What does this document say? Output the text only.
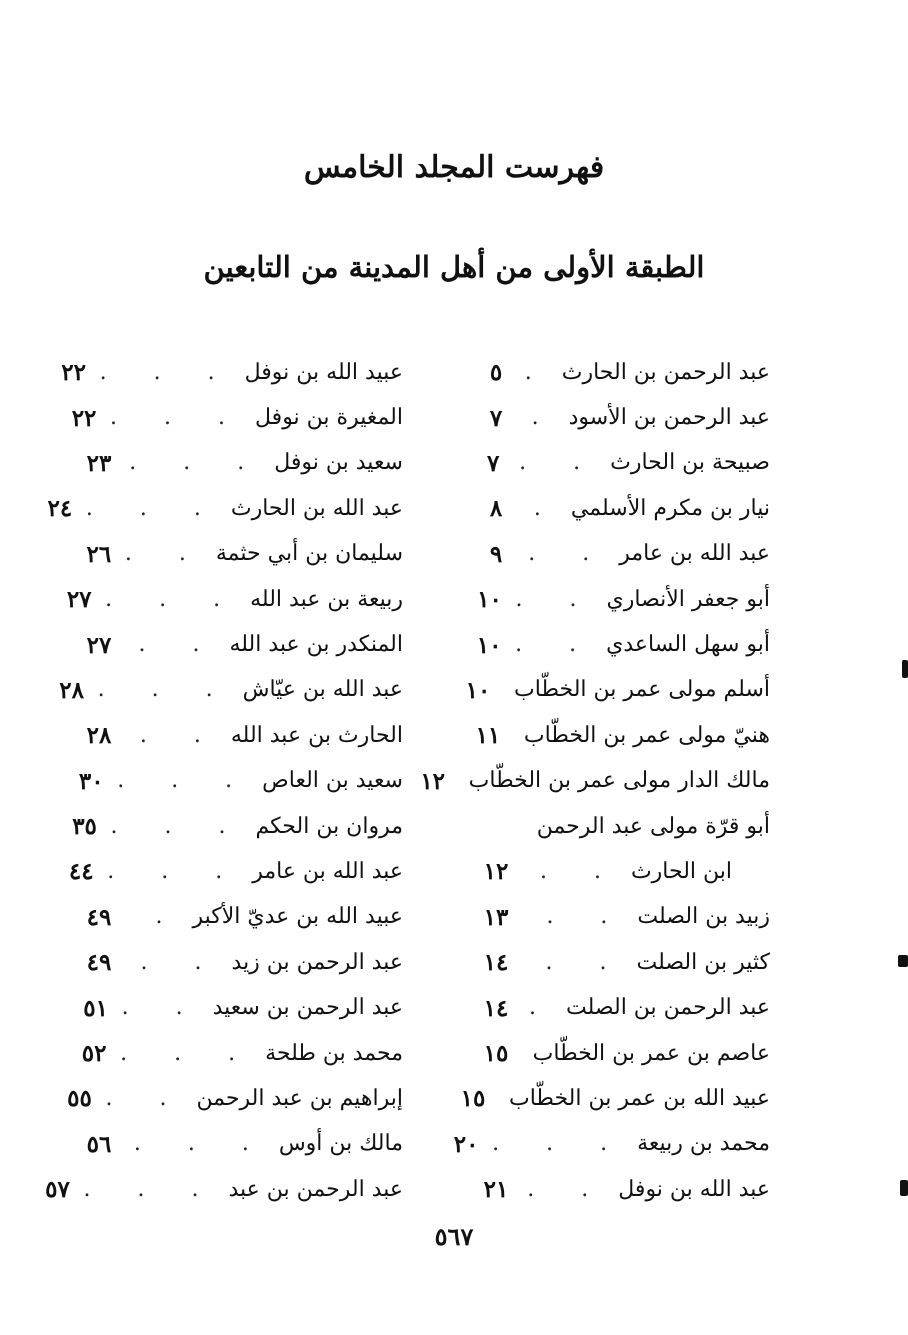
فهرست المجلد الخامس
الطبقة الأولى من أهل المدينة من التابعين
عبد الرحمن بن الحارث
.
٥
عبد الرحمن بن الأسود
.
٧
صبيحة بن الحارث
. .
٧
نيار بن مكرم الأسلمي
.
٨
عبد الله بن عامر
. .
٩
أبو جعفر الأنصاري
. .
١٠
أبو سهل الساعدي
. .
١٠
أسلم مولى عمر بن الخطّاب
١٠
هنيّ مولى عمر بن الخطّاب
١١
مالك الدار مولى عمر بن الخطّاب
١٢
أبو قرّة مولى عبد الرحمن
ابن الحارث
. .
١٢
زبيد بن الصلت
. .
١٣
كثير بن الصلت
. .
١٤
عبد الرحمن بن الصلت
.
١٤
عاصم بن عمر بن الخطّاب
١٥
عبيد الله بن عمر بن الخطّاب
١٥
محمد بن ربيعة
. . .
٢٠
عبد الله بن نوفل
. .
٢١
عبيد الله بن نوفل
. . .
٢٢
المغيرة بن نوفل
. . .
٢٢
سعيد بن نوفل
. . .
٢٣
عبد الله بن الحارث
. . .
٢٤
سليمان بن أبي حثمة
. .
٢٦
ربيعة بن عبد الله
. . .
٢٧
المنكدر بن عبد الله
. .
٢٧
عبد الله بن عيّاش
. . .
٢٨
الحارث بن عبد الله
. .
٢٨
سعيد بن العاص
. . .
٣٠
مروان بن الحكم
. . .
٣٥
عبد الله بن عامر
. . .
٤٤
عبيد الله بن عديّ الأكبر
.
٤٩
عبد الرحمن بن زيد
. .
٤٩
عبد الرحمن بن سعيد
. .
٥١
محمد بن طلحة
. . .
٥٢
إبراهيم بن عبد الرحمن
. .
٥٥
مالك بن أوس
. . .
٥٦
عبد الرحمن بن عبد
. . .
٥٧
٥٦٧
